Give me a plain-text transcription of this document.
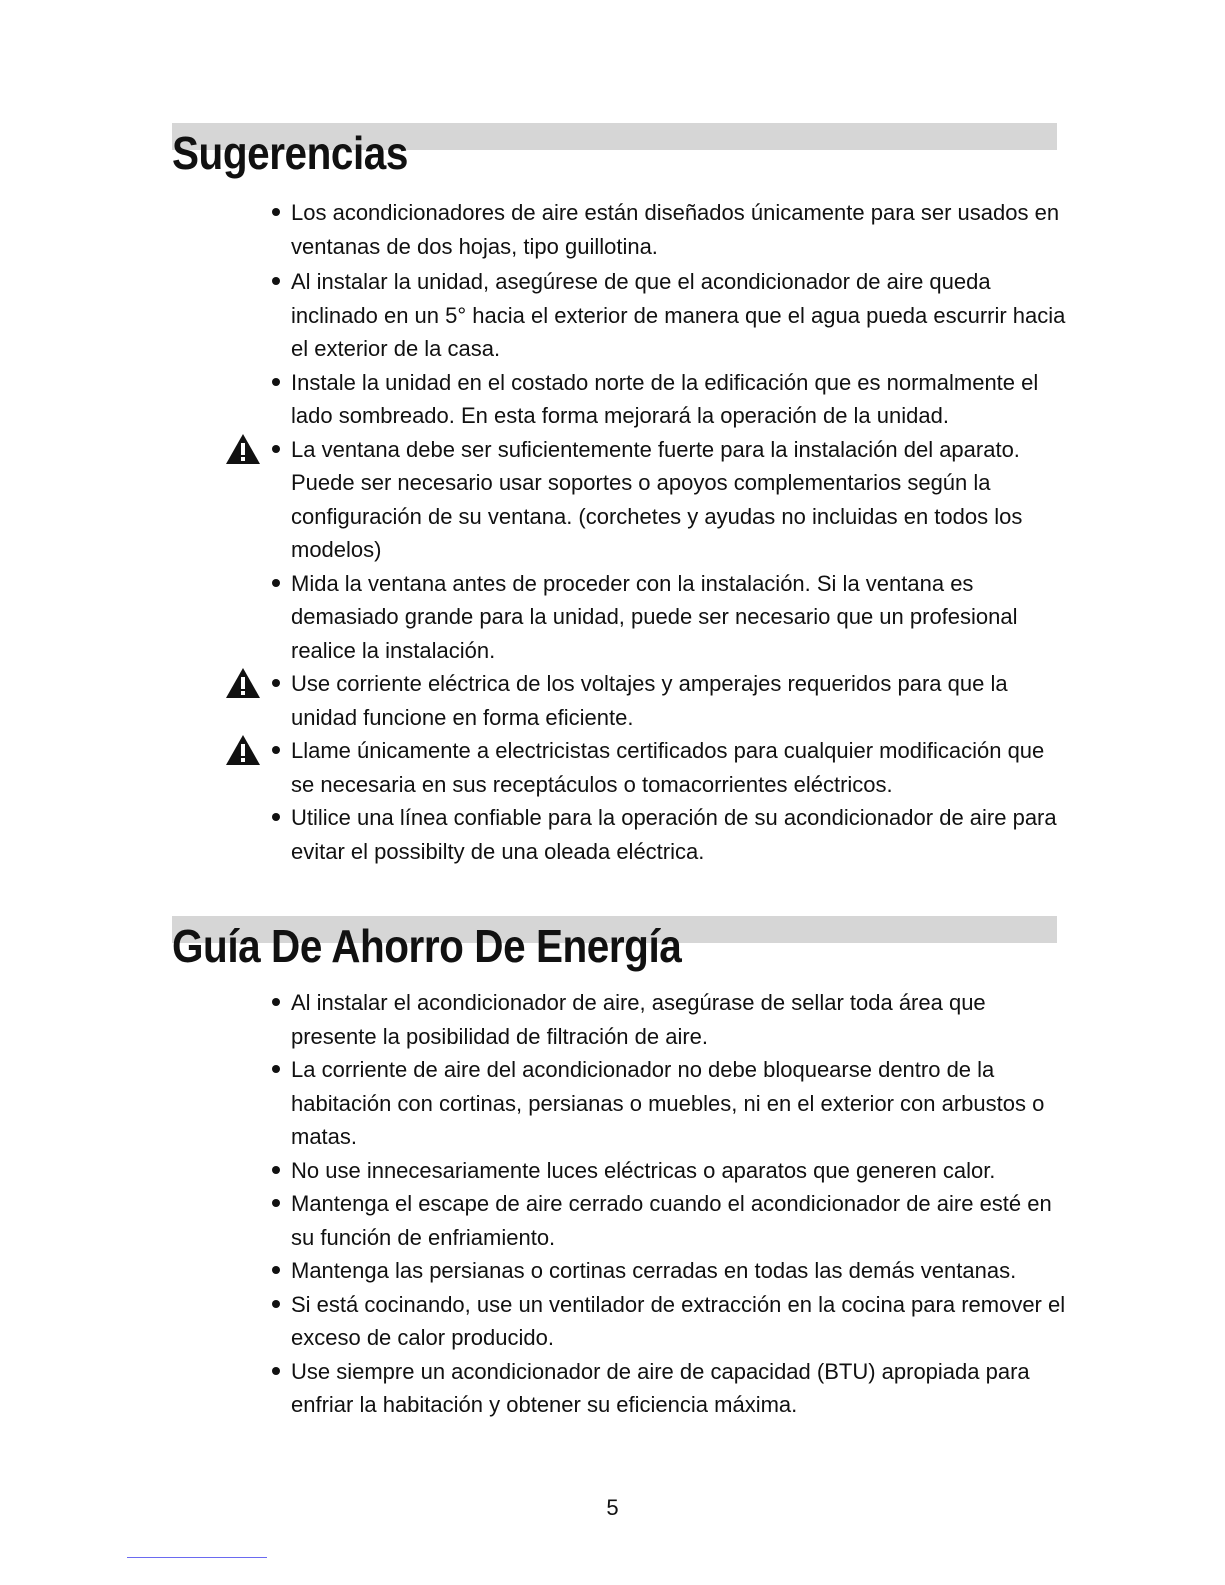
Sugerencias
Los acondicionadores de aire están diseñados únicamente para ser usados en ventanas de dos hojas, tipo guillotina.
Al instalar la unidad, asegúrese de que el acondicionador de aire queda inclinado en un 5° hacia el exterior de manera que el agua pueda escurrir hacia el exterior de la casa.
Instale la unidad en el costado norte de la edificación que es normalmente el lado sombreado. En esta forma mejorará la operación de la unidad.
La ventana debe ser suficientemente fuerte para la instalación del aparato. Puede ser necesario usar soportes o apoyos complementarios según la configuración de su ventana. (corchetes y ayudas no incluidas en todos los modelos)
Mida la ventana antes de proceder con la instalación. Si la ventana es demasiado grande para la unidad, puede ser necesario que un profesional realice la instalación.
Use corriente eléctrica de los voltajes y amperajes requeridos para que la unidad funcione en forma eficiente.
Llame únicamente a electricistas certificados para cualquier modificación que se necesaria en sus receptáculos o tomacorrientes eléctricos.
Utilice una línea confiable para la operación de su acondicionador de aire para evitar el possibilty de una oleada eléctrica.
Guía De Ahorro De Energía
Al instalar el acondicionador de aire, asegúrase de sellar toda área que presente la posibilidad de filtración de aire.
La corriente de aire del acondicionador no debe bloquearse dentro de la habitación con cortinas, persianas o muebles, ni en el exterior con arbustos o matas.
No use innecesariamente luces eléctricas o aparatos que generen calor.
Mantenga el escape de aire cerrado cuando el acondicionador de aire esté en su función de enfriamiento.
Mantenga las persianas o cortinas cerradas en todas las demás ventanas.
Si está cocinando, use un ventilador de extracción en la cocina para remover el exceso de calor producido.
Use siempre un acondicionador de aire de capacidad (BTU) apropiada para enfriar la habitación y obtener su eficiencia máxima.
5
